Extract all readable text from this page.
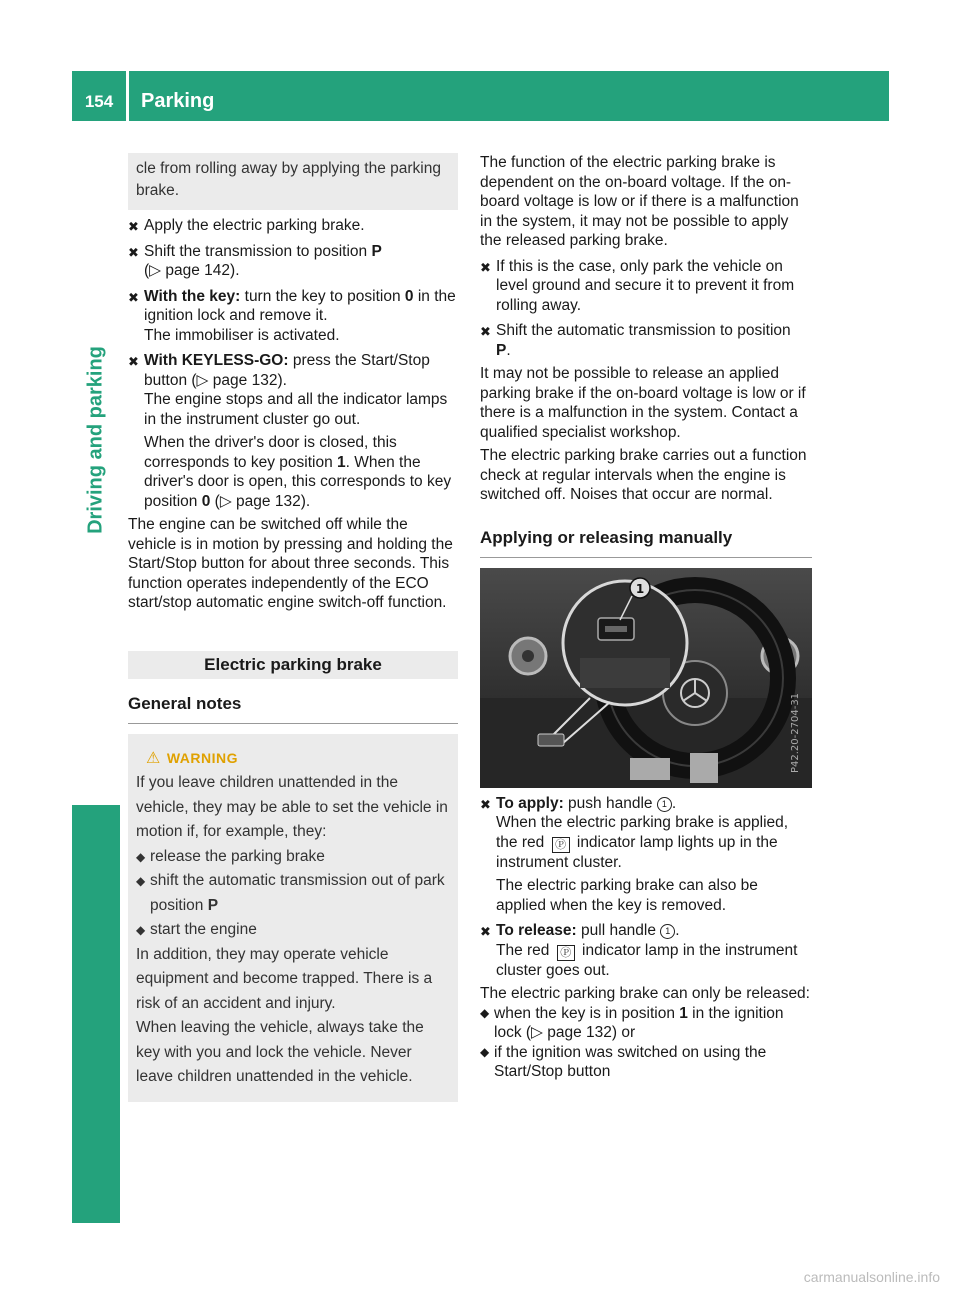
154	Parking
Driving and parking

cle from rolling away by applying the parking brake.

✖ Apply the electric parking brake.
✖ Shift the transmission to position P
(▷ page 142).
✖ With the key: turn the key to position 0 in the ignition lock and remove it.
The immobiliser is activated.
✖ With KEYLESS-GO: press the Start/Stop button (▷ page 132).
The engine stops and all the indicator lamps in the instrument cluster go out.
When the driver's door is closed, this corresponds to key position 1. When the driver's door is open, this corresponds to key position 0 (▷ page 132).

The engine can be switched off while the vehicle is in motion by pressing and holding the Start/Stop button for about three seconds. This function operates independently of the ECO start/stop automatic engine switch-off function.

Electric parking brake
General notes
⚠ WARNING

If you leave children unattended in the vehicle, they may be able to set the vehicle in motion if, for example, they:

◆ release the parking brake
◆ shift the automatic transmission out of park position P
◆ start the engine

In addition, they may operate vehicle equipment and become trapped. There is a risk of an accident and injury.

When leaving the vehicle, always take the key with you and lock the vehicle. Never leave children unattended in the vehicle.

The function of the electric parking brake is dependent on the on-board voltage. If the on-board voltage is low or if there is a malfunction in the system, it may not be possible to apply the released parking brake.

✖ If this is the case, only park the vehicle on level ground and secure it to prevent it from rolling away.
✖ Shift the automatic transmission to position
P.

It may not be possible to release an applied parking brake if the on-board voltage is low or if there is a malfunction in the system. Contact a qualified specialist workshop.

The electric parking brake carries out a function check at regular intervals when the engine is switched off. Noises that occur are normal.

Applying or releasing manually
1
P42.20-2704-31
✖ To apply: push handle 1 .
When the electric parking brake is applied, the red Ⓟ indicator lamp lights up in the instrument cluster.
The electric parking brake can also be applied when the key is removed.
✖ To release: pull handle 1 .
The red Ⓟ indicator lamp in the instrument cluster goes out.

The electric parking brake can only be released:

◆ when the key is in position 1 in the ignition lock (▷ page 132) or
◆ if the ignition was switched on using the Start/Stop button
carmanualsonline.info
